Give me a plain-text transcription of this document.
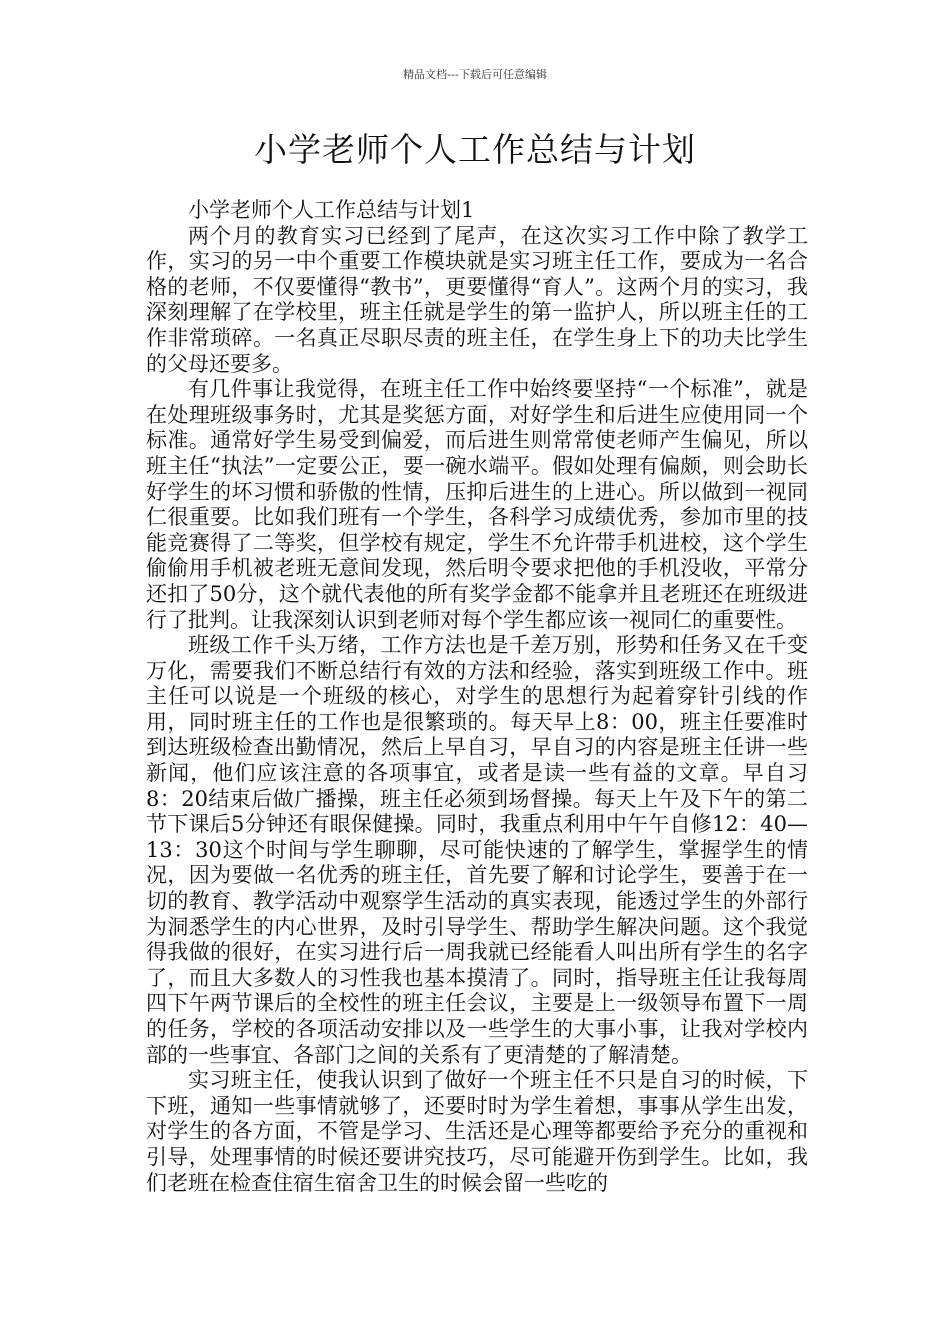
精品文档---下载后可任意编辑
小学老师个人工作总结与计划

小学老师个人工作总结与计划1

两个月的教育实习已经到了尾声，在这次实习工作中除了教学工作，实习的另一中个重要工作模块就是实习班主任工作，要成为一名合格的老师，不仅要懂得“教书”，更要懂得“育人”。这两个月的实习，我深刻理解了在学校里，班主任就是学生的第一监护人，所以班主任的工作非常琐碎。一名真正尽职尽责的班主任，在学生身上下的功夫比学生的父母还要多。

有几件事让我觉得，在班主任工作中始终要坚持“一个标准”，就是在处理班级事务时，尤其是奖惩方面，对好学生和后进生应使用同一个标准。通常好学生易受到偏爱，而后进生则常常使老师产生偏见，所以班主任“执法”一定要公正，要一碗水端平。假如处理有偏颇，则会助长好学生的坏习惯和骄傲的性情，压抑后进生的上进心。所以做到一视同仁很重要。比如我们班有一个学生，各科学习成绩优秀，参加市里的技能竞赛得了二等奖，但学校有规定，学生不允许带手机进校，这个学生偷偷用手机被老班无意间发现，然后明令要求把他的手机没收，平常分还扣了50分，这个就代表他的所有奖学金都不能拿并且老班还在班级进行了批判。让我深刻认识到老师对每个学生都应该一视同仁的重要性。

班级工作千头万绪，工作方法也是千差万别，形势和任务又在千变万化，需要我们不断总结行有效的方法和经验，落实到班级工作中。班主任可以说是一个班级的核心，对学生的思想行为起着穿针引线的作用，同时班主任的工作也是很繁琐的。每天早上8：00，班主任要准时到达班级检查出勤情况，然后上早自习，早自习的内容是班主任讲一些新闻，他们应该注意的各项事宜，或者是读一些有益的文章。早自习8：20结束后做广播操，班主任必须到场督操。每天上午及下午的第二节下课后5分钟还有眼保健操。同时，我重点利用中午午自修12：40—13：30这个时间与学生聊聊，尽可能快速的了解学生，掌握学生的情况，因为要做一名优秀的班主任，首先要了解和讨论学生，要善于在一切的教育、教学活动中观察学生活动的真实表现，能透过学生的外部行为洞悉学生的内心世界，及时引导学生、帮助学生解决问题。这个我觉得我做的很好，在实习进行后一周我就已经能看人叫出所有学生的名字了，而且大多数人的习性我也基本摸清了。同时，指导班主任让我每周四下午两节课后的全校性的班主任会议，主要是上一级领导布置下一周的任务，学校的各项活动安排以及一些学生的大事小事，让我对学校内部的一些事宜、各部门之间的关系有了更清楚的了解清楚。

实习班主任，使我认识到了做好一个班主任不只是自习的时候，下下班，通知一些事情就够了，还要时时为学生着想，事事从学生出发，对学生的各方面，不管是学习、生活还是心理等都要给予充分的重视和引导，处理事情的时候还要讲究技巧，尽可能避开伤到学生。比如，我们老班在检查住宿生宿舍卫生的时候会留一些吃的
